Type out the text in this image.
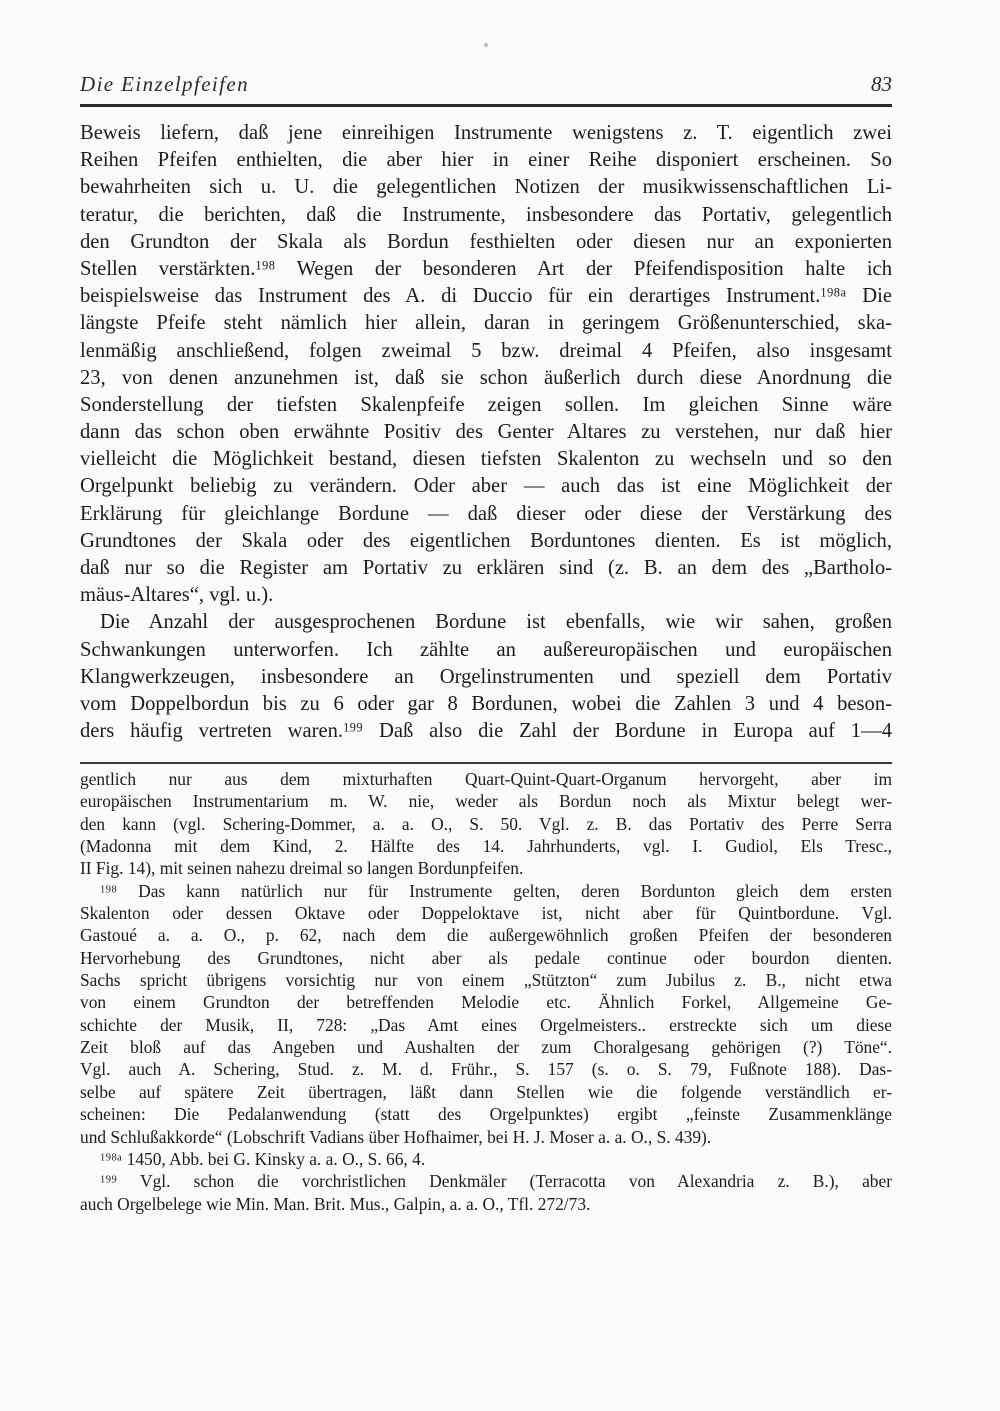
Die Einzelpfeifen	83
Beweis liefern, daß jene einreihigen Instrumente wenigstens z. T. eigentlich zwei
Reihen Pfeifen enthielten, die aber hier in einer Reihe disponiert erscheinen. So
bewahrheiten sich u. U. die gelegentlichen Notizen der musikwissenschaftlichen Li-
teratur, die berichten, daß die Instrumente, insbesondere das Portativ, gelegentlich
den Grundton der Skala als Bordun festhielten oder diesen nur an exponierten
Stellen verstärkten.$^{198}$ Wegen der besonderen Art der Pfeifendisposition halte ich
beispielsweise das Instrument des A. di Duccio für ein derartiges Instrument.$^{198a}$ Die
längste Pfeife steht nämlich hier allein, daran in geringem Größenunterschied, ska-
lenmäßig anschließend, folgen zweimal 5 bzw. dreimal 4 Pfeifen, also insgesamt
23, von denen anzunehmen ist, daß sie schon äußerlich durch diese Anordnung die
Sonderstellung der tiefsten Skalenpfeife zeigen sollen. Im gleichen Sinne wäre
dann das schon oben erwähnte Positiv des Genter Altares zu verstehen, nur daß hier
vielleicht die Möglichkeit bestand, diesen tiefsten Skalenton zu wechseln und so den
Orgelpunkt beliebig zu verändern. Oder aber — auch das ist eine Möglichkeit der
Erklärung für gleichlange Bordune — daß dieser oder diese der Verstärkung des
Grundtones der Skala oder des eigentlichen Borduntones dienten. Es ist möglich,
daß nur so die Register am Portativ zu erklären sind (z. B. an dem des „Bartholo-
mäus-Altares“, vgl. u.).
Die Anzahl der ausgesprochenen Bordune ist ebenfalls, wie wir sahen, großen
Schwankungen unterworfen. Ich zählte an außereuropäischen und europäischen
Klangwerkzeugen, insbesondere an Orgelinstrumenten und speziell dem Portativ
vom Doppelbordun bis zu 6 oder gar 8 Bordunen, wobei die Zahlen 3 und 4 beson-
ders häufig vertreten waren.$^{199}$ Daß also die Zahl der Bordune in Europa auf 1—4
gentlich nur aus dem mixturhaften Quart-Quint-Quart-Organum hervorgeht, aber im
europäischen Instrumentarium m. W. nie, weder als Bordun noch als Mixtur belegt wer-
den kann (vgl. Schering-Dommer, a. a. O., S. 50. Vgl. z. B. das Portativ des Perre Serra
(Madonna mit dem Kind, 2. Hälfte des 14. Jahrhunderts, vgl. I. Gudiol, Els Tresc.,
II Fig. 14), mit seinen nahezu dreimal so langen Bordunpfeifen.
$^{198}$ Das kann natürlich nur für Instrumente gelten, deren Bordunton gleich dem ersten
Skalenton oder dessen Oktave oder Doppeloktave ist, nicht aber für Quintbordune. Vgl.
Gastoué a. a. O., p. 62, nach dem die außergewöhnlich großen Pfeifen der besonderen
Hervorhebung des Grundtones, nicht aber als pedale continue oder bourdon dienten.
Sachs spricht übrigens vorsichtig nur von einem „Stützton“ zum Jubilus z. B., nicht etwa
von einem Grundton der betreffenden Melodie etc. Ähnlich Forkel, Allgemeine Ge-
schichte der Musik, II, 728: „Das Amt eines Orgelmeisters.. erstreckte sich um diese
Zeit bloß auf das Angeben und Aushalten der zum Choralgesang gehörigen (?) Töne“.
Vgl. auch A. Schering, Stud. z. M. d. Frühr., S. 157 (s. o. S. 79, Fußnote 188). Das-
selbe auf spätere Zeit übertragen, läßt dann Stellen wie die folgende verständlich er-
scheinen: Die Pedalanwendung (statt des Orgelpunktes) ergibt „feinste Zusammenklänge
und Schlußakkorde“ (Lobschrift Vadians über Hofhaimer, bei H. J. Moser a. a. O., S. 439).
$^{198a}$ 1450, Abb. bei G. Kinsky a. a. O., S. 66, 4.
$^{199}$ Vgl. schon die vorchristlichen Denkmäler (Terracotta von Alexandria z. B.), aber
auch Orgelbelege wie Min. Man. Brit. Mus., Galpin, a. a. O., Tfl. 272/73.
